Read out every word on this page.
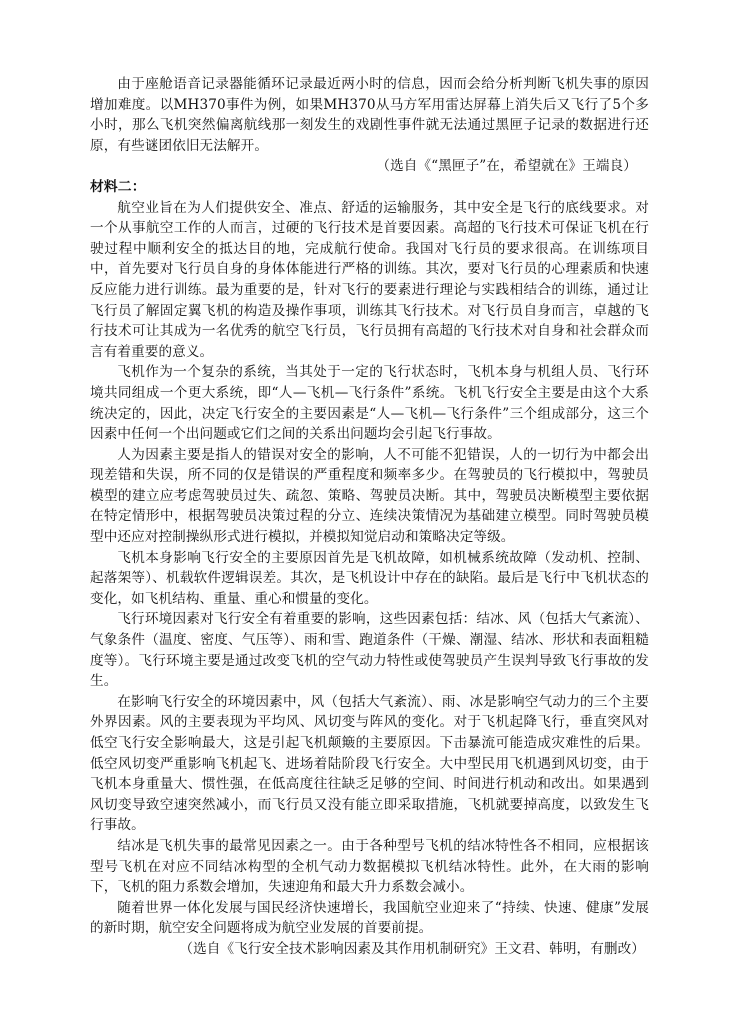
由于座舱语音记录器能循环记录最近两小时的信息，因而会给分析判断飞机失事的原因增加难度。以MH370事件为例，如果MH370从马方军用雷达屏幕上消失后又飞行了5个多小时，那么飞机突然偏离航线那一刻发生的戏剧性事件就无法通过黑匣子记录的数据进行还原，有些谜团依旧无法解开。

（选自《“黑匣子”在，希望就在》王端良）

材料二：

航空业旨在为人们提供安全、准点、舒适的运输服务，其中安全是飞行的底线要求。对一个从事航空工作的人而言，过硬的飞行技术是首要因素。高超的飞行技术可保证飞机在行驶过程中顺利安全的抵达目的地，完成航行使命。我国对飞行员的要求很高。在训练项目中，首先要对飞行员自身的身体体能进行严格的训练。其次，要对飞行员的心理素质和快速反应能力进行训练。最为重要的是，针对飞行的要素进行理论与实践相结合的训练，通过让飞行员了解固定翼飞机的构造及操作事项，训练其飞行技术。对飞行员自身而言，卓越的飞行技术可让其成为一名优秀的航空飞行员，飞行员拥有高超的飞行技术对自身和社会群众而言有着重要的意义。

飞机作为一个复杂的系统，当其处于一定的飞行状态时，飞机本身与机组人员、飞行环境共同组成一个更大系统，即“人—飞机—飞行条件”系统。飞机飞行安全主要是由这个大系统决定的，因此，决定飞行安全的主要因素是“人—飞机—飞行条件”三个组成部分，这三个因素中任何一个出问题或它们之间的关系出问题均会引起飞行事故。

人为因素主要是指人的错误对安全的影响，人不可能不犯错误，人的一切行为中都会出现差错和失误，所不同的仅是错误的严重程度和频率多少。在驾驶员的飞行模拟中，驾驶员模型的建立应考虑驾驶员过失、疏忽、策略、驾驶员决断。其中，驾驶员决断模型主要依据在特定情形中，根据驾驶员决策过程的分立、连续决策情况为基础建立模型。同时驾驶员模型中还应对控制操纵形式进行模拟，并模拟知觉启动和策略决定等级。

飞机本身影响飞行安全的主要原因首先是飞机故障，如机械系统故障（发动机、控制、起落架等）、机载软件逻辑误差。其次，是飞机设计中存在的缺陷。最后是飞行中飞机状态的变化，如飞机结构、重量、重心和惯量的变化。

飞行环境因素对飞行安全有着重要的影响，这些因素包括：结冰、风（包括大气紊流）、气象条件（温度、密度、气压等）、雨和雪、跑道条件（干燥、潮湿、结冰、形状和表面粗糙度等）。飞行环境主要是通过改变飞机的空气动力特性或使驾驶员产生误判导致飞行事故的发生。

在影响飞行安全的环境因素中，风（包括大气紊流）、雨、冰是影响空气动力的三个主要外界因素。风的主要表现为平均风、风切变与阵风的变化。对于飞机起降飞行，垂直突风对低空飞行安全影响最大，这是引起飞机颠簸的主要原因。下击暴流可能造成灾难性的后果。低空风切变严重影响飞机起飞、进场着陆阶段飞行安全。大中型民用飞机遇到风切变，由于飞机本身重量大、惯性强，在低高度往往缺乏足够的空间、时间进行机动和改出。如果遇到风切变导致空速突然减小，而飞行员又没有能立即采取措施，飞机就要掉高度，以致发生飞行事故。

结冰是飞机失事的最常见因素之一。由于各种型号飞机的结冰特性各不相同，应根据该型号飞机在对应不同结冰构型的全机气动力数据模拟飞机结冰特性。此外，在大雨的影响下，飞机的阻力系数会增加，失速迎角和最大升力系数会减小。

随着世界一体化发展与国民经济快速增长，我国航空业迎来了“持续、快速、健康”发展的新时期，航空安全问题将成为航空业发展的首要前提。

（选自《飞行安全技术影响因素及其作用机制研究》王文君、韩明，有删改）
